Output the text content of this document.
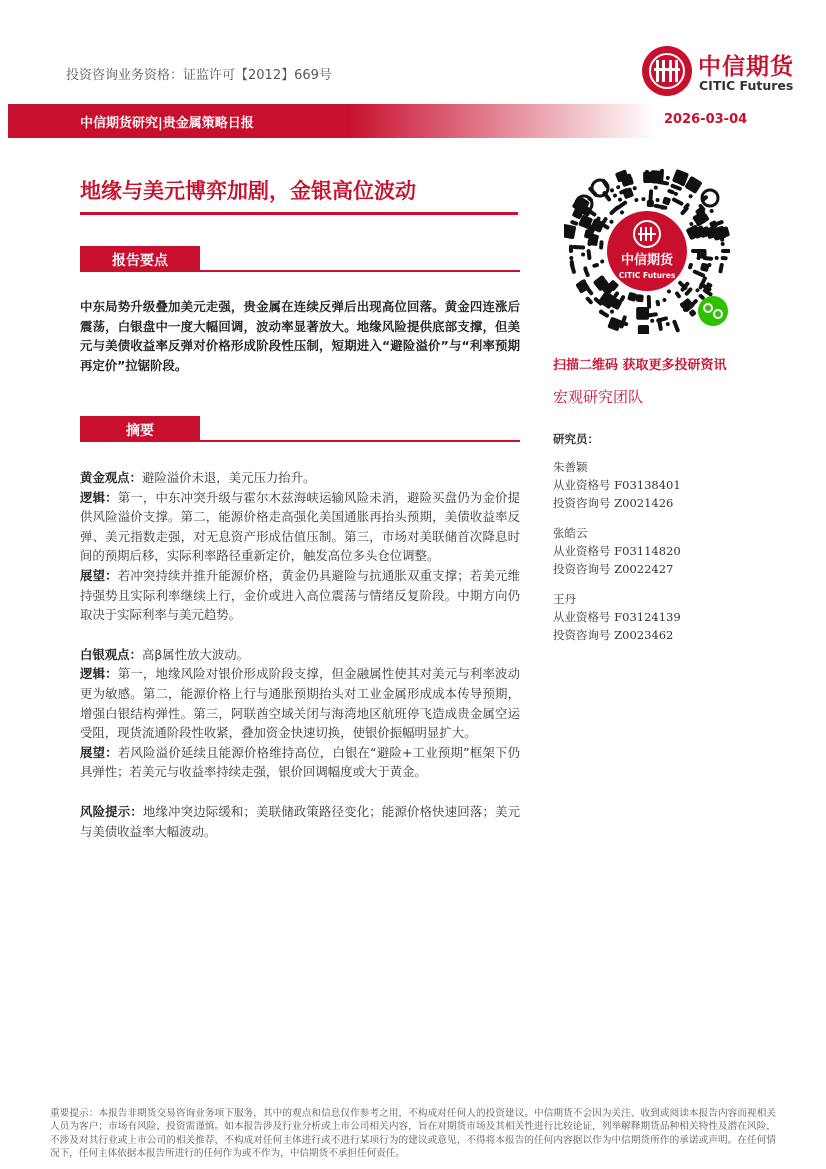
投资咨询业务资格：证监许可【2012】669号	中信期货
CITIC Futures
中信期货研究|贵金属策略日报	2026-03-04
地缘与美元博弈加剧，金银高位波动
报告要点
中东局势升级叠加美元走强，贵金属在连续反弹后出现高位回落。黄金四连涨后震荡，白银盘中一度大幅回调，波动率显著放大。地缘风险提供底部支撑，但美元与美债收益率反弹对价格形成阶段性压制，短期进入“避险溢价”与“利率预期再定价”拉锯阶段。
摘要

黄金观点：避险溢价未退，美元压力抬升。

逻辑：第一，中东冲突升级与霍尔木兹海峡运输风险未消，避险买盘仍为金价提供风险溢价支撑。第二，能源价格走高强化美国通胀再抬头预期，美债收益率反弹、美元指数走强，对无息资产形成估值压制。第三，市场对美联储首次降息时间的预期后移，实际利率路径重新定价，触发高位多头仓位调整。

展望：若冲突持续并推升能源价格，黄金仍具避险与抗通胀双重支撑；若美元维持强势且实际利率继续上行，金价或进入高位震荡与情绪反复阶段。中期方向仍取决于实际利率与美元趋势。

白银观点：高β属性放大波动。

逻辑：第一，地缘风险对银价形成阶段支撑，但金融属性使其对美元与利率波动更为敏感。第二，能源价格上行与通胀预期抬头对工业金属形成成本传导预期，增强白银结构弹性。第三，阿联酋空域关闭与海湾地区航班停飞造成贵金属空运受阻，现货流通阶段性收紧，叠加资金快速切换，使银价振幅明显扩大。

展望：若风险溢价延续且能源价格维持高位，白银在“避险+工业预期”框架下仍具弹性；若美元与收益率持续走强，银价回调幅度或大于黄金。

风险提示：地缘冲突边际缓和；美联储政策路径变化；能源价格快速回落；美元与美债收益率大幅波动。

中信期货
CITIC Futures
扫描二维码 获取更多投研资讯
宏观研究团队
研究员：
朱善颖
从业资格号 F03138401
投资咨询号 Z0021426
张皓云
从业资格号 F03114820
投资咨询号 Z0022427
王丹
从业资格号 F03124139
投资咨询号 Z0023462
重要提示：本报告非期货交易咨询业务项下服务，其中的观点和信息仅作参考之用，不构成对任何人的投资建议。中信期货不会因为关注、收到或阅读本报告内容而视相关人员为客户；市场有风险，投资需谨慎。如本报告涉及行业分析或上市公司相关内容，旨在对期货市场及其相关性进行比较论证，列举解释期货品种相关特性及潜在风险，不涉及对其行业或上市公司的相关推荐，不构成对任何主体进行或不进行某项行为的建议或意见，不得将本报告的任何内容据以作为中信期货所作的承诺或声明。在任何情况下，任何主体依据本报告所进行的任何作为或不作为，中信期货不承担任何责任。
